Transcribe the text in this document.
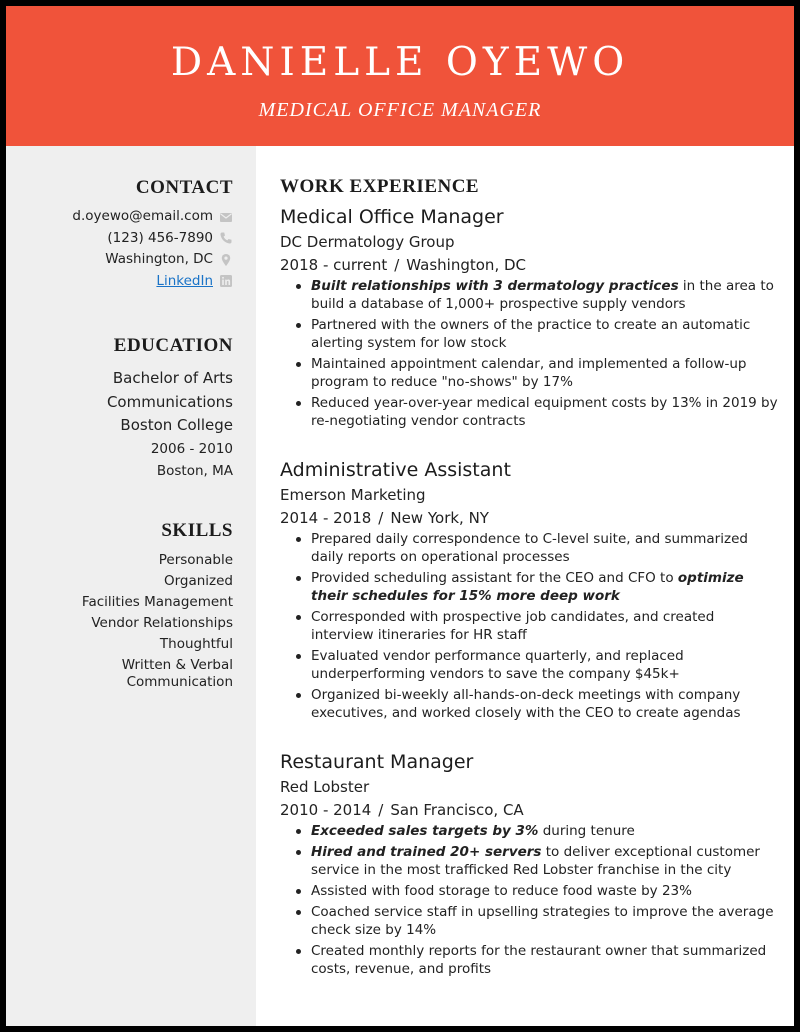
DANIELLE OYEWO
MEDICAL OFFICE MANAGER
CONTACT
d.oyewo@email.com
(123) 456-7890
Washington, DC
LinkedIn
EDUCATION
Bachelor of Arts
Communications
Boston College
2006 - 2010
Boston, MA
SKILLS
Personable
Organized
Facilities Management
Vendor Relationships
Thoughtful
Written & Verbal Communication
WORK EXPERIENCE
Medical Office Manager
DC Dermatology Group
2018 - current / Washington, DC
Built relationships with 3 dermatology practices in the area to build a database of 1,000+ prospective supply vendors
Partnered with the owners of the practice to create an automatic alerting system for low stock
Maintained appointment calendar, and implemented a follow-up program to reduce "no-shows" by 17%
Reduced year-over-year medical equipment costs by 13% in 2019 by re-negotiating vendor contracts
Administrative Assistant
Emerson Marketing
2014 - 2018 / New York, NY
Prepared daily correspondence to C-level suite, and summarized daily reports on operational processes
Provided scheduling assistant for the CEO and CFO to optimize their schedules for 15% more deep work
Corresponded with prospective job candidates, and created interview itineraries for HR staff
Evaluated vendor performance quarterly, and replaced underperforming vendors to save the company $45k+
Organized bi-weekly all-hands-on-deck meetings with company executives, and worked closely with the CEO to create agendas
Restaurant Manager
Red Lobster
2010 - 2014 / San Francisco, CA
Exceeded sales targets by 3% during tenure
Hired and trained 20+ servers to deliver exceptional customer service in the most trafficked Red Lobster franchise in the city
Assisted with food storage to reduce food waste by 23%
Coached service staff in upselling strategies to improve the average check size by 14%
Created monthly reports for the restaurant owner that summarized costs, revenue, and profits
